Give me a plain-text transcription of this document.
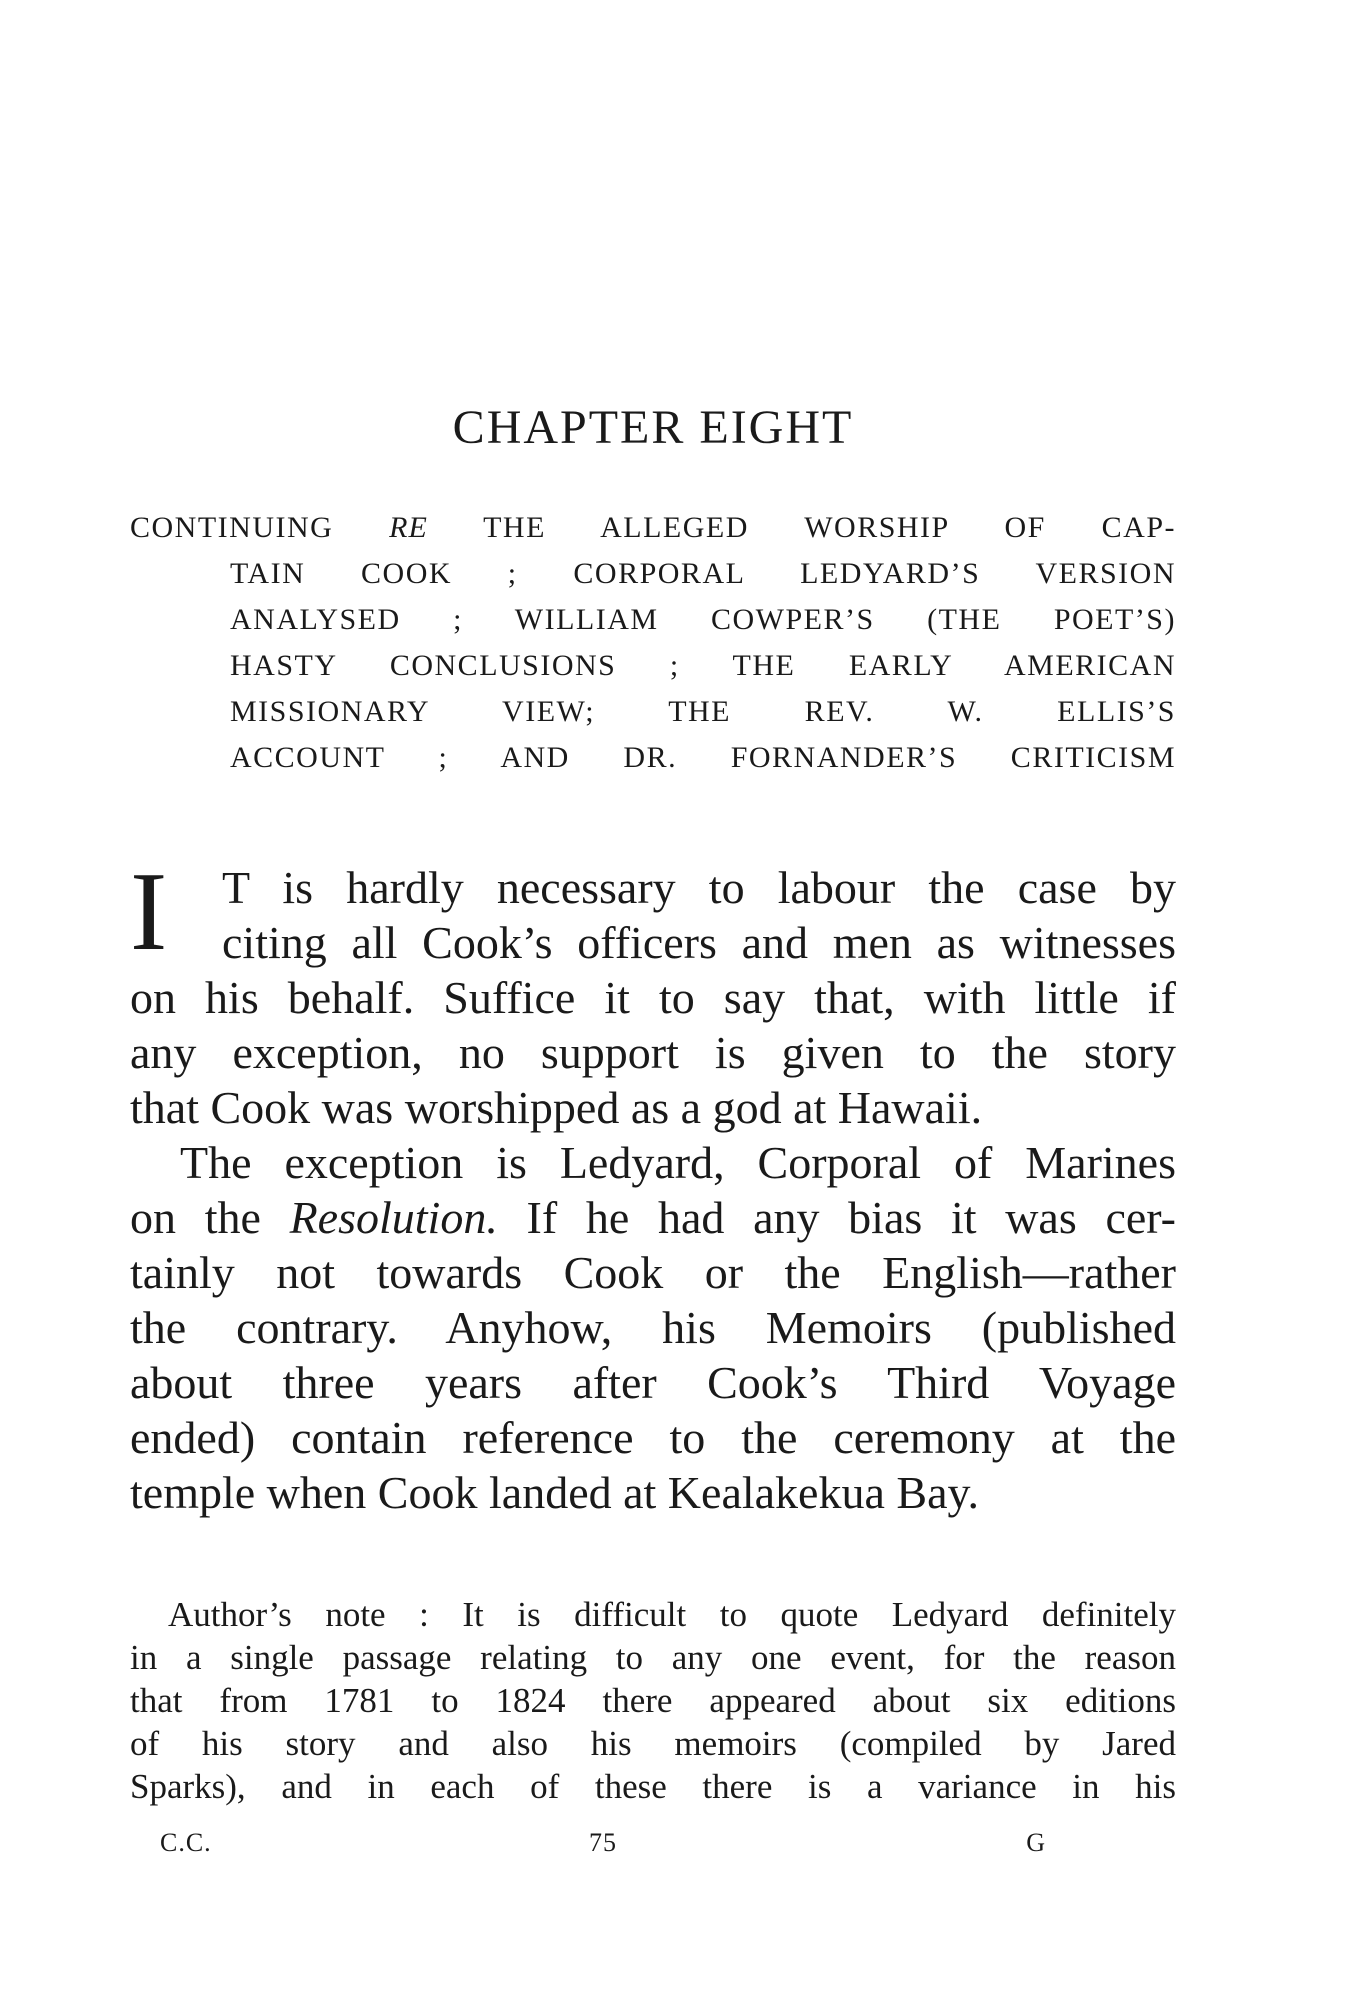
CHAPTER EIGHT
CONTINUING RE THE ALLEGED WORSHIP OF CAP-
TAIN COOK ; CORPORAL LEDYARD’S VERSION
ANALYSED ; WILLIAM COWPER’S (THE POET’S)
HASTY CONCLUSIONS ; THE EARLY AMERICAN
MISSIONARY VIEW; THE REV. W. ELLIS’S
ACCOUNT ; AND DR. FORNANDER’S CRITICISM
I	T is hardly necessary to labour the case by
citing all Cook’s officers and men as witnesses
on his behalf. Suffice it to say that, with little if
any exception, no support is given to the story
that Cook was worshipped as a god at Hawaii.
The exception is Ledyard, Corporal of Marines
on the Resolution. If he had any bias it was cer-
tainly not towards Cook or the English—rather
the contrary. Anyhow, his Memoirs (published
about three years after Cook’s Third Voyage
ended) contain reference to the ceremony at the
temple when Cook landed at Kealakekua Bay.
Author’s note : It is difficult to quote Ledyard definitely
in a single passage relating to any one event, for the reason
that from 1781 to 1824 there appeared about six editions
of his story and also his memoirs (compiled by Jared
Sparks), and in each of these there is a variance in his
C.C.	75	G
